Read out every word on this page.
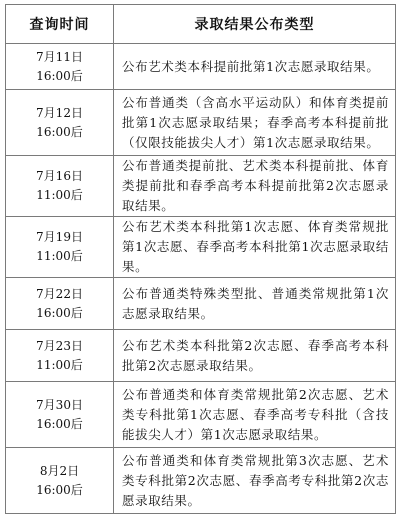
查询时间	录取结果公布类型

7月11日
16:00后	公布艺术类本科提前批第1次志愿录取结果。

7月12日
16:00后	公布普通类（含高水平运动队）和体育类提前批第1次志愿录取结果；春季高考本科提前批（仅限技能拔尖人才）第1次志愿录取结果。

7月16日
11:00后	公布普通类提前批、艺术类本科提前批、体育类提前批和春季高考本科提前批第2次志愿录取结果。

7月19日
11:00后	公布艺术类本科批第1次志愿、体育类常规批第1次志愿、春季高考本科批第1次志愿录取结果。

7月22日
16:00后	公布普通类特殊类型批、普通类常规批第1次志愿录取结果。

7月23日
11:00后	公布艺术类本科批第2次志愿、春季高考本科批第2次志愿录取结果。

7月30日
16:00后	公布普通类和体育类常规批第2次志愿、艺术类专科批第1次志愿、春季高考专科批（含技能拔尖人才）第1次志愿录取结果。

8月2日
16:00后	公布普通类和体育类常规批第3次志愿、艺术类专科批第2次志愿、春季高考专科批第2次志愿录取结果。
